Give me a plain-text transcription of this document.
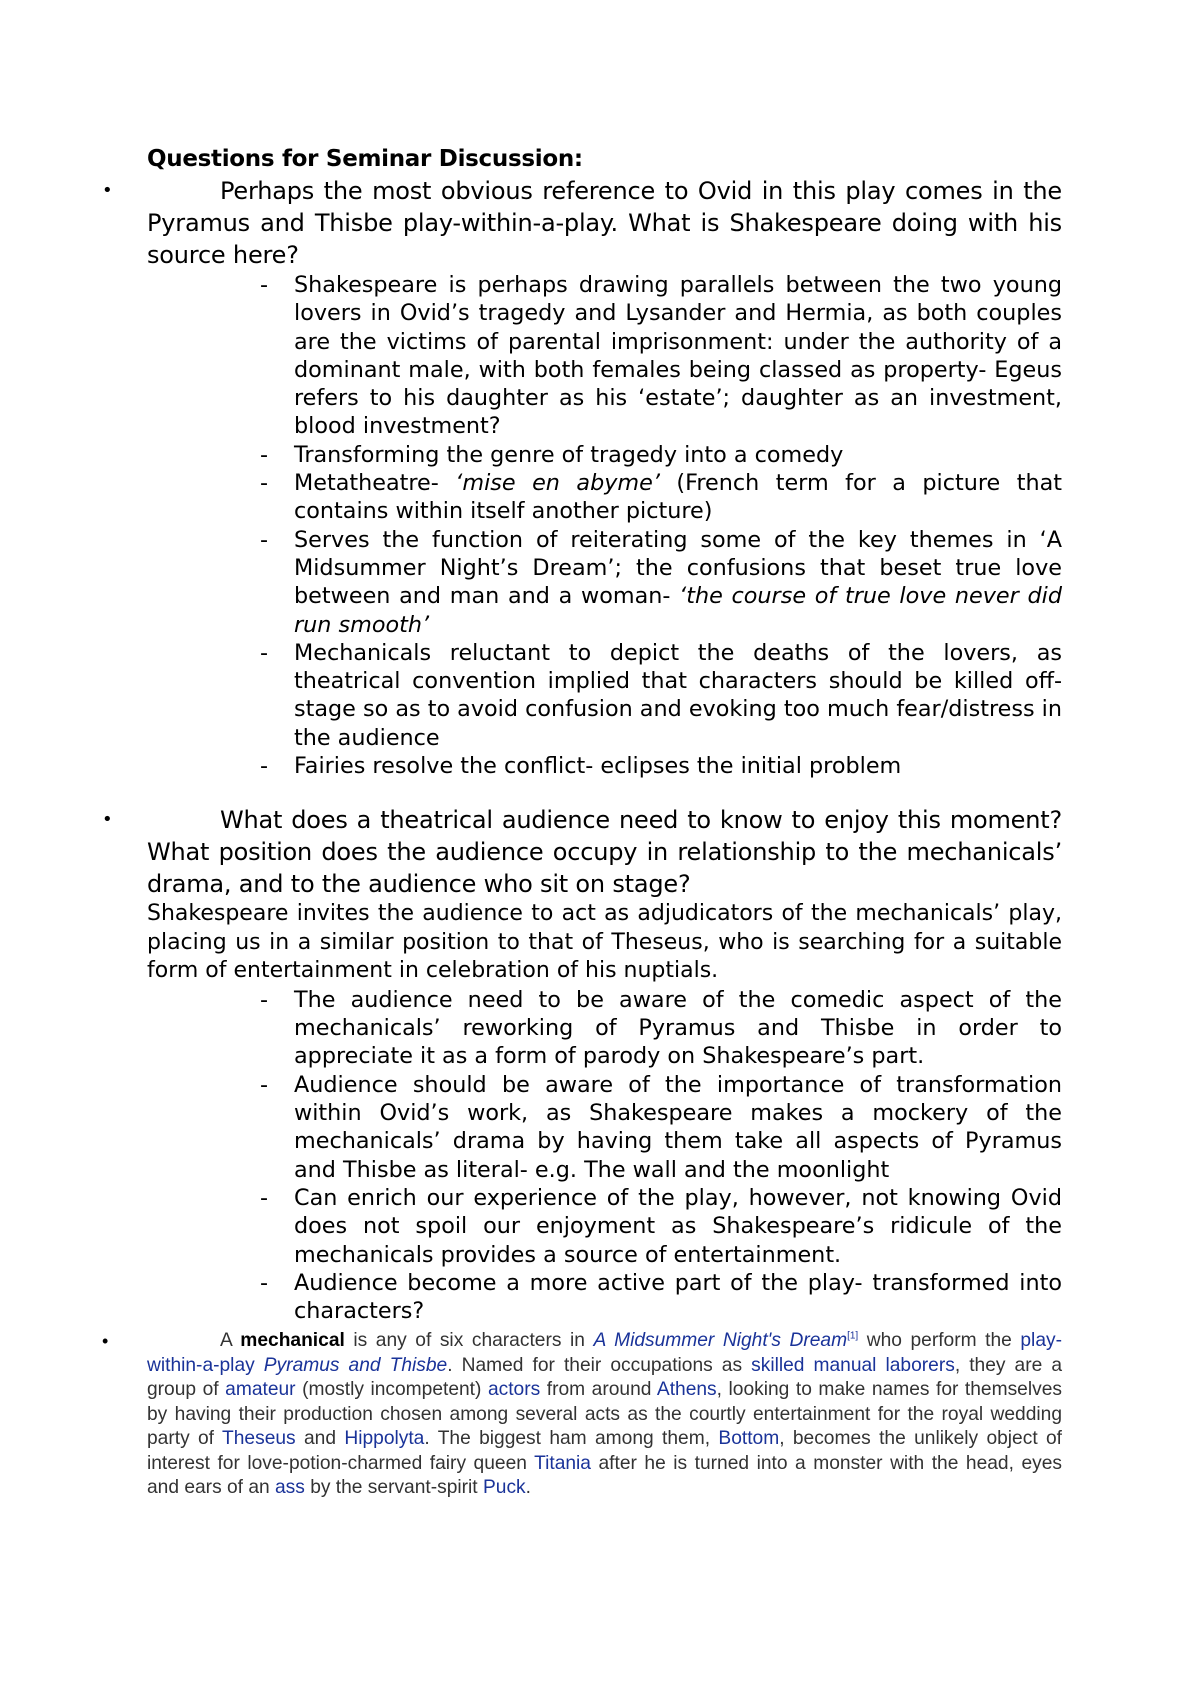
Questions for Seminar Discussion:

•	Perhaps the most obvious reference to Ovid in this play comes in the Pyramus and Thisbe play-within-a-play. What is Shakespeare doing with his source here?

- Shakespeare is perhaps drawing parallels between the two young lovers in Ovid’s tragedy and Lysander and Hermia, as both couples are the victims of parental imprisonment: under the authority of a dominant male, with both females being classed as property- Egeus refers to his daughter as his ‘estate’; daughter as an investment, blood investment?
- Transforming the genre of tragedy into a comedy
- Metatheatre- ‘mise en abyme’ (French term for a picture that contains within itself another picture)
- Serves the function of reiterating some of the key themes in ‘A Midsummer Night’s Dream’; the confusions that beset true love between and man and a woman- ‘the course of true love never did run smooth’
- Mechanicals reluctant to depict the deaths of the lovers, as theatrical convention implied that characters should be killed off-stage so as to avoid confusion and evoking too much fear/distress in the audience
- Fairies resolve the conflict- eclipses the initial problem

•	What does a theatrical audience need to know to enjoy this moment? What position does the audience occupy in relationship to the mechanicals’ drama, and to the audience who sit on stage?

Shakespeare invites the audience to act as adjudicators of the mechanicals’ play, placing us in a similar position to that of Theseus, who is searching for a suitable form of entertainment in celebration of his nuptials.

- The audience need to be aware of the comedic aspect of the mechanicals’ reworking of Pyramus and Thisbe in order to appreciate it as a form of parody on Shakespeare’s part.
- Audience should be aware of the importance of transformation within Ovid’s work, as Shakespeare makes a mockery of the mechanicals’ drama by having them take all aspects of Pyramus and Thisbe as literal- e.g. The wall and the moonlight
- Can enrich our experience of the play, however, not knowing Ovid does not spoil our enjoyment as Shakespeare’s ridicule of the mechanicals provides a source of entertainment.
- Audience become a more active part of the play- transformed into characters?

•	A mechanical is any of six characters in A Midsummer Night's Dream[1] who perform the play-within-a-play Pyramus and Thisbe. Named for their occupations as skilled manual laborers, they are a group of amateur (mostly incompetent) actors from around Athens, looking to make names for themselves by having their production chosen among several acts as the courtly entertainment for the royal wedding party of Theseus and Hippolyta. The biggest ham among them, Bottom, becomes the unlikely object of interest for love-potion-charmed fairy queen Titania after he is turned into a monster with the head, eyes and ears of an ass by the servant-spirit Puck.
